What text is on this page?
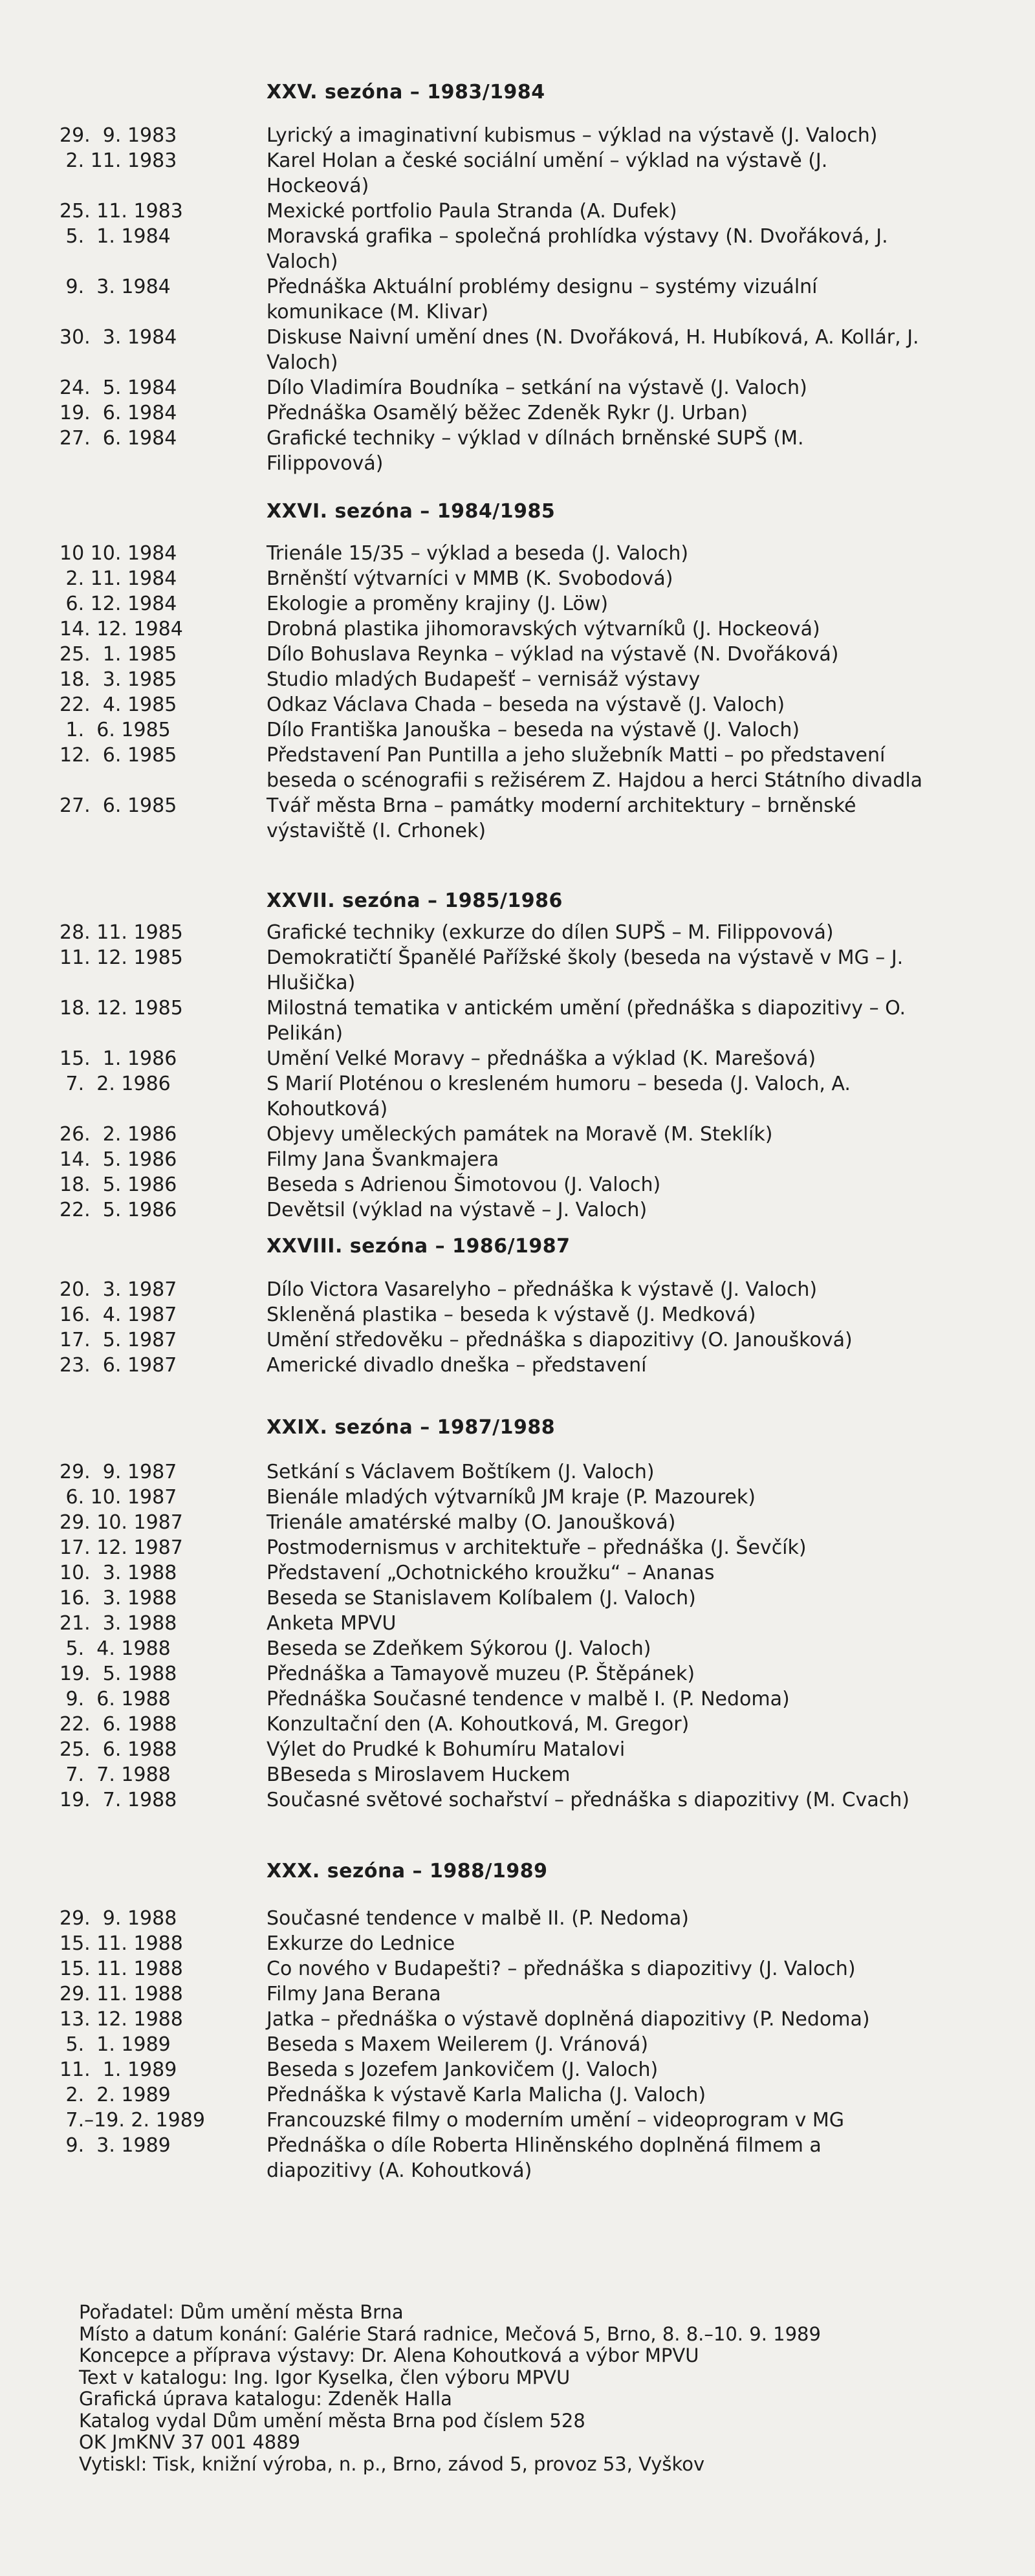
XXV. sezóna – 1983/1984
29.  9. 1983	Lyrický a imaginativní kubismus – výklad na výstavě (J. Valoch)
2. 11. 1983	Karel Holan a české sociální umění – výklad na výstavě (J. Hockeová)
25. 11. 1983	Mexické portfolio Paula Stranda (A. Dufek)
5.  1. 1984	Moravská grafika – společná prohlídka výstavy (N. Dvořáková, J. Valoch)
9.  3. 1984	Přednáška Aktuální problémy designu – systémy vizuální komunikace (M. Klivar)
30.  3. 1984	Diskuse Naivní umění dnes (N. Dvořáková, H. Hubíková, A. Kollár, J. Valoch)
24.  5. 1984	Dílo Vladimíra Boudníka – setkání na výstavě (J. Valoch)
19.  6. 1984	Přednáška Osamělý běžec Zdeněk Rykr (J. Urban)
27.  6. 1984	Grafické techniky – výklad v dílnách brněnské SUPŠ (M. Filippovová)
XXVI. sezóna – 1984/1985
10 10. 1984	Trienále 15/35 – výklad a beseda (J. Valoch)
2. 11. 1984	Brněnští výtvarníci v MMB (K. Svobodová)
6. 12. 1984	Ekologie a proměny krajiny (J. Löw)
14. 12. 1984	Drobná plastika jihomoravských výtvarníků (J. Hockeová)
25.  1. 1985	Dílo Bohuslava Reynka – výklad na výstavě (N. Dvořáková)
18.  3. 1985	Studio mladých Budapešť – vernisáž výstavy
22.  4. 1985	Odkaz Václava Chada – beseda na výstavě (J. Valoch)
1.  6. 1985	Dílo Františka Janouška – beseda na výstavě (J. Valoch)
12.  6. 1985	Představení Pan Puntilla a jeho služebník Matti – po představení beseda o scénografii s režisérem Z. Hajdou a herci Státního divadla
27.  6. 1985	Tvář města Brna – památky moderní architektury – brněnské výstaviště (I. Crhonek)
XXVII. sezóna – 1985/1986
28. 11. 1985	Grafické techniky (exkurze do dílen SUPŠ – M. Filippovová)
11. 12. 1985	Demokratičtí Španělé Pařížské školy (beseda na výstavě v MG – J. Hlušička)
18. 12. 1985	Milostná tematika v antickém umění (přednáška s diapozitivy – O. Pelikán)
15.  1. 1986	Umění Velké Moravy – přednáška a výklad (K. Marešová)
7.  2. 1986	S Marií Ploténou o kresleném humoru – beseda (J. Valoch, A. Kohoutková)
26.  2. 1986	Objevy uměleckých památek na Moravě (M. Steklík)
14.  5. 1986	Filmy Jana Švankmajera
18.  5. 1986	Beseda s Adrienou Šimotovou (J. Valoch)
22.  5. 1986	Devětsil (výklad na výstavě – J. Valoch)
XXVIII. sezóna – 1986/1987
20.  3. 1987	Dílo Victora Vasarelyho – přednáška k výstavě (J. Valoch)
16.  4. 1987	Skleněná plastika – beseda k výstavě (J. Medková)
17.  5. 1987	Umění středověku – přednáška s diapozitivy (O. Janoušková)
23.  6. 1987	Americké divadlo dneška – představení
XXIX. sezóna – 1987/1988
29.  9. 1987	Setkání s Václavem Boštíkem (J. Valoch)
6. 10. 1987	Bienále mladých výtvarníků JM kraje (P. Mazourek)
29. 10. 1987	Trienále amatérské malby (O. Janoušková)
17. 12. 1987	Postmodernismus v architektuře – přednáška (J. Ševčík)
10.  3. 1988	Představení „Ochotnického kroužku“ – Ananas
16.  3. 1988	Beseda se Stanislavem Kolíbalem (J. Valoch)
21.  3. 1988	Anketa MPVU
5.  4. 1988	Beseda se Zdeňkem Sýkorou (J. Valoch)
19.  5. 1988	Přednáška a Tamayově muzeu (P. Štěpánek)
9.  6. 1988	Přednáška Současné tendence v malbě I. (P. Nedoma)
22.  6. 1988	Konzultační den (A. Kohoutková, M. Gregor)
25.  6. 1988	Výlet do Prudké k Bohumíru Matalovi
7.  7. 1988	BBeseda s Miroslavem Huckem
19.  7. 1988	Současné světové sochařství – přednáška s diapozitivy (M. Cvach)
XXX. sezóna – 1988/1989
29.  9. 1988	Současné tendence v malbě II. (P. Nedoma)
15. 11. 1988	Exkurze do Lednice
15. 11. 1988	Co nového v Budapešti? – přednáška s diapozitivy (J. Valoch)
29. 11. 1988	Filmy Jana Berana
13. 12. 1988	Jatka – přednáška o výstavě doplněná diapozitivy (P. Nedoma)
5.  1. 1989	Beseda s Maxem Weilerem (J. Vránová)
11.  1. 1989	Beseda s Jozefem Jankovičem (J. Valoch)
2.  2. 1989	Přednáška k výstavě Karla Malicha (J. Valoch)
7.–19. 2. 1989	Francouzské filmy o moderním umění – videoprogram v MG
9.  3. 1989	Přednáška o díle Roberta Hliněnského doplněná filmem a diapozitivy (A. Kohoutková)
Pořadatel: Dům umění města Brna
Místo a datum konání: Galérie Stará radnice, Mečová 5, Brno, 8. 8.–10. 9. 1989
Koncepce a příprava výstavy: Dr. Alena Kohoutková a výbor MPVU
Text v katalogu: Ing. Igor Kyselka, člen výboru MPVU
Grafická úprava katalogu: Zdeněk Halla
Katalog vydal Dům umění města Brna pod číslem 528
OK JmKNV 37 001 4889
Vytiskl: Tisk, knižní výroba, n. p., Brno, závod 5, provoz 53, Vyškov
